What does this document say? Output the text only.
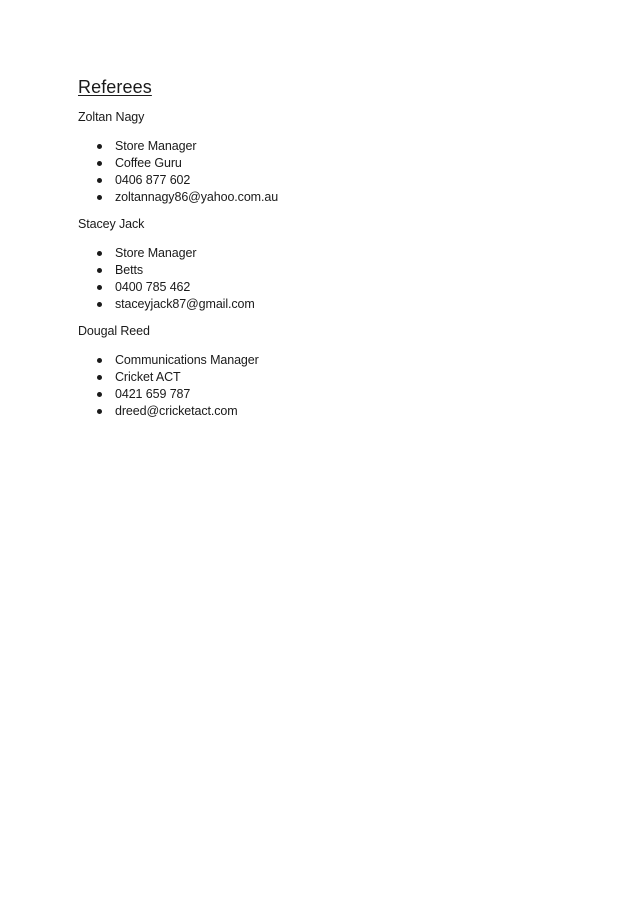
Referees
Zoltan Nagy
Store Manager
Coffee Guru
0406 877 602
zoltannagy86@yahoo.com.au
Stacey Jack
Store Manager
Betts
0400 785 462
staceyjack87@gmail.com
Dougal Reed
Communications Manager
Cricket ACT
0421 659 787
dreed@cricketact.com
